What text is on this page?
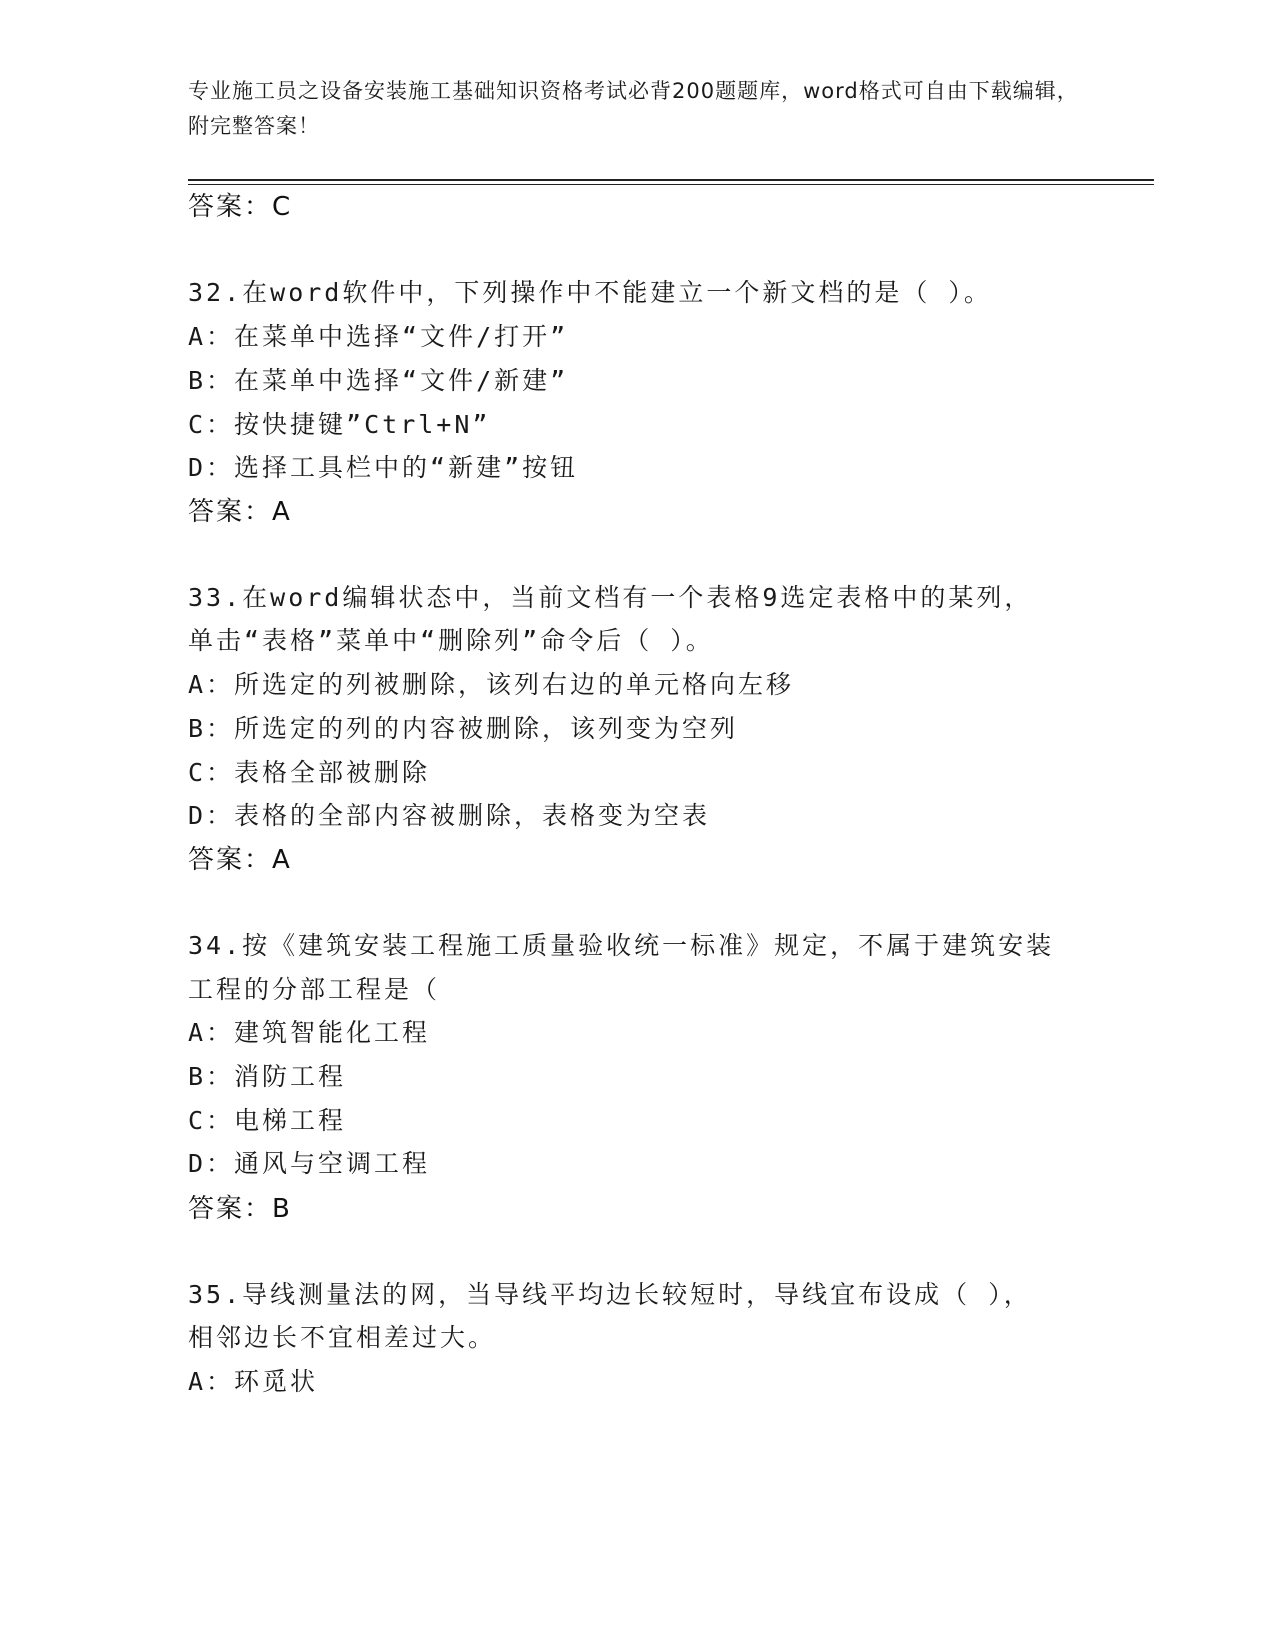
专业施工员之设备安装施工基础知识资格考试必背200题题库，word格式可自由下载编辑，附完整答案！
答案：C
32.在word软件中，下列操作中不能建立一个新文档的是（ ）。
A：在菜单中选择“文件/打开”
B：在菜单中选择“文件/新建”
C：按快捷键”Ctrl+N”
D：选择工具栏中的“新建”按钮
答案：A
33.在word编辑状态中，当前文档有一个表格9选定表格中的某列，
单击“表格”菜单中“删除列”命令后（ ）。
A：所选定的列被删除，该列右边的单元格向左移
B：所选定的列的内容被删除，该列变为空列
C：表格全部被删除
D：表格的全部内容被删除，表格变为空表
答案：A
34.按《建筑安装工程施工质量验收统一标准》规定，不属于建筑安装
工程的分部工程是（
A：建筑智能化工程
B：消防工程
C：电梯工程
D：通风与空调工程
答案：B
35.导线测量法的网，当导线平均边长较短时，导线宜布设成（ ），
相邻边长不宜相差过大。
A：环觅状
